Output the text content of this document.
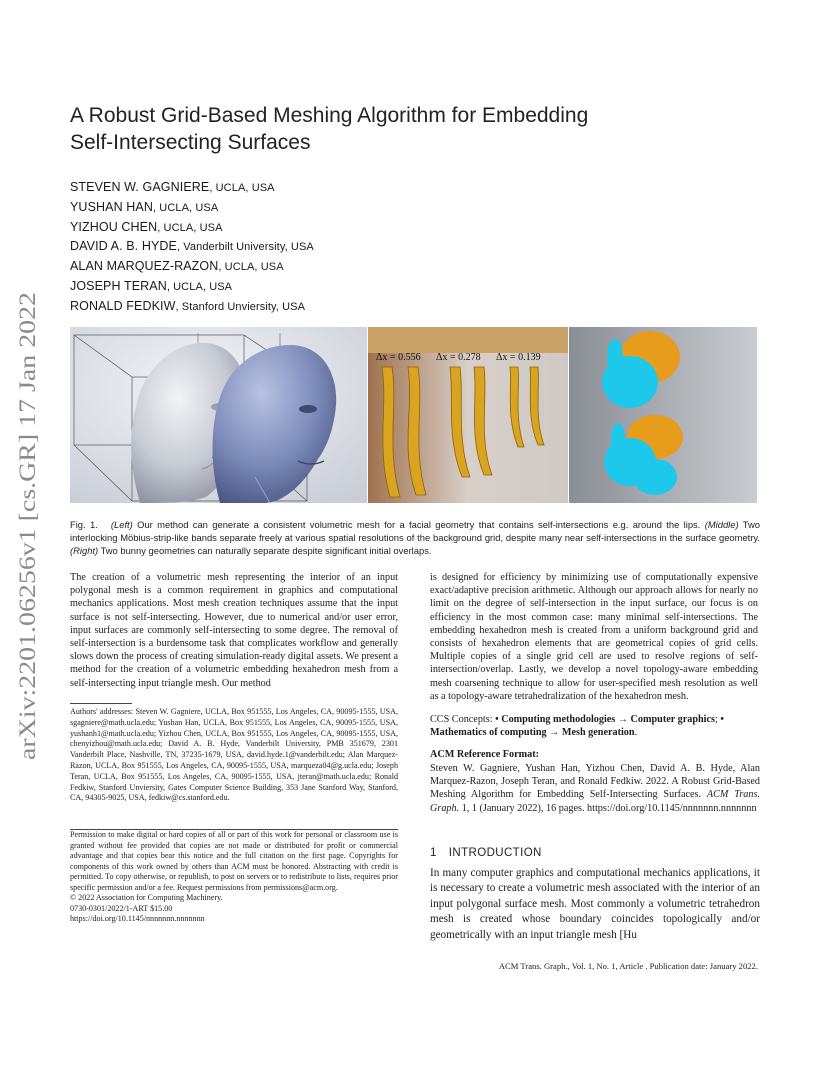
arXiv:2201.06256v1 [cs.GR] 17 Jan 2022
A Robust Grid-Based Meshing Algorithm for Embedding
Self-Intersecting Surfaces
STEVEN W. GAGNIERE, UCLA, USA
YUSHAN HAN, UCLA, USA
YIZHOU CHEN, UCLA, USA
DAVID A. B. HYDE, Vanderbilt University, USA
ALAN MARQUEZ-RAZON, UCLA, USA
JOSEPH TERAN, UCLA, USA
RONALD FEDKIW, Stanford Unviersity, USA
Δx = 0.556 Δx = 0.278 Δx = 0.139
Fig. 1. (Left) Our method can generate a consistent volumetric mesh for a facial geometry that contains self-intersections e.g. around the lips. (Middle) Two interlocking Möbius-strip-like bands separate freely at various spatial resolutions of the background grid, despite many near self-intersections in the surface geometry. (Right) Two bunny geometries can naturally separate despite significant initial overlaps.
The creation of a volumetric mesh representing the interior of an input polygonal mesh is a common requirement in graphics and computational mechanics applications. Most mesh creation techniques assume that the input surface is not self-intersecting. However, due to numerical and/or user error, input surfaces are commonly self-intersecting to some degree. The removal of self-intersection is a burdensome task that complicates workflow and generally slows down the process of creating simulation-ready digital assets. We present a method for the creation of a volumetric embedding hexahedron mesh from a self-intersecting input triangle mesh. Our method
is designed for efficiency by minimizing use of computationally expensive exact/adaptive precision arithmetic. Although our approach allows for nearly no limit on the degree of self-intersection in the input surface, our focus is on efficiency in the most common case: many minimal self-intersections. The embedding hexahedron mesh is created from a uniform background grid and consists of hexahedron elements that are geometrical copies of grid cells. Multiple copies of a single grid cell are used to resolve regions of self-intersection/overlap. Lastly, we develop a novel topology-aware embedding mesh coarsening technique to allow for user-specified mesh resolution as well as a topology-aware tetrahedralization of the hexahedron mesh.
Authors' addresses: Steven W. Gagniere, UCLA, Box 951555, Los Angeles, CA, 90095-1555, USA, sgagniere@math.ucla.edu; Yushan Han, UCLA, Box 951555, Los Angeles, CA, 90095-1555, USA, yushanh1@math.ucla.edu; Yizhou Chen, UCLA, Box 951555, Los Angeles, CA, 90095-1555, USA, chenyizhou@math.ucla.edu; David A. B. Hyde, Vanderbilt University, PMB 351679, 2301 Vanderbilt Place, Nashville, TN, 37235-1679, USA, david.hyde.1@vanderbilt.edu; Alan Marquez-Razon, UCLA, Box 951555, Los Angeles, CA, 90095-1555, USA, marqueza04@g.ucla.edu; Joseph Teran, UCLA, Box 951555, Los Angeles, CA, 90095-1555, USA, jteran@math.ucla.edu; Ronald Fedkiw, Stanford Unviersity, Gates Computer Science Building, 353 Jane Stanford Way, Stanford, CA, 94305-9025, USA, fedkiw@cs.stanford.edu.

Permission to make digital or hard copies of all or part of this work for personal or classroom use is granted without fee provided that copies are not made or distributed for profit or commercial advantage and that copies bear this notice and the full citation on the first page. Copyrights for components of this work owned by others than ACM must be honored. Abstracting with credit is permitted. To copy otherwise, or republish, to post on servers or to redistribute to lists, requires prior specific permission and/or a fee. Request permissions from permissions@acm.org.

© 2022 Association for Computing Machinery.

0730-0301/2022/1-ART $15.00

https://doi.org/10.1145/nnnnnnn.nnnnnnn

CCS Concepts: • Computing methodologies → Computer graphics; • Mathematics of computing → Mesh generation.
ACM Reference Format:
Steven W. Gagniere, Yushan Han, Yizhou Chen, David A. B. Hyde, Alan Marquez-Razon, Joseph Teran, and Ronald Fedkiw. 2022. A Robust Grid-Based Meshing Algorithm for Embedding Self-Intersecting Surfaces. ACM Trans. Graph. 1, 1 (January 2022), 16 pages. https://doi.org/10.1145/nnnnnnn.nnnnnnn
1 INTRODUCTION
In many computer graphics and computational mechanics applications, it is necessary to create a volumetric mesh associated with the interior of an input polygonal surface mesh. Most commonly a volumetric tetrahedron mesh is created whose boundary coincides topologically and/or geometrically with an input triangle mesh [Hu
ACM Trans. Graph., Vol. 1, No. 1, Article . Publication date: January 2022.
